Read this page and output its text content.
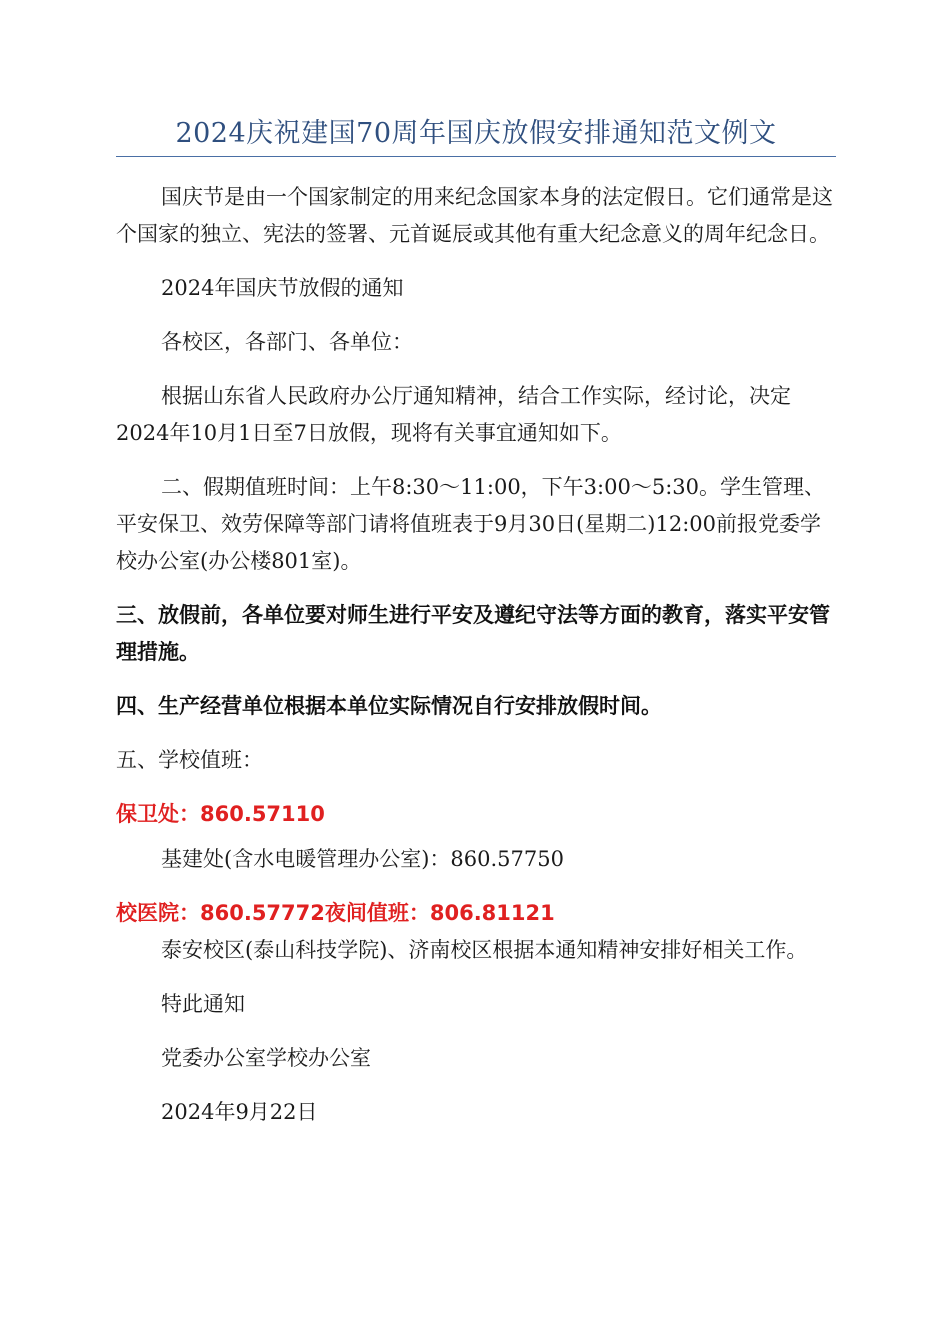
2024庆祝建国70周年国庆放假安排通知范文例文

国庆节是由一个国家制定的用来纪念国家本身的法定假日。它们通常是这个国家的独立、宪法的签署、元首诞辰或其他有重大纪念意义的周年纪念日。

2024年国庆节放假的通知

各校区，各部门、各单位：

根据山东省人民政府办公厅通知精神，结合工作实际，经讨论，决定2024年10月1日至7日放假，现将有关事宜通知如下。

二、假期值班时间：上午8:30～11:00，下午3:00～5:30。学生管理、平安保卫、效劳保障等部门请将值班表于9月30日(星期二)12:00前报党委学校办公室(办公楼801室)。

三、放假前，各单位要对师生进行平安及遵纪守法等方面的教育，落实平安管理措施。

四、生产经营单位根据本单位实际情况自行安排放假时间。

五、学校值班：

保卫处：860.57110

基建处(含水电暖管理办公室)：860.57750

校医院：860.57772夜间值班：806.81121

泰安校区(泰山科技学院)、济南校区根据本通知精神安排好相关工作。

特此通知

党委办公室学校办公室

2024年9月22日
